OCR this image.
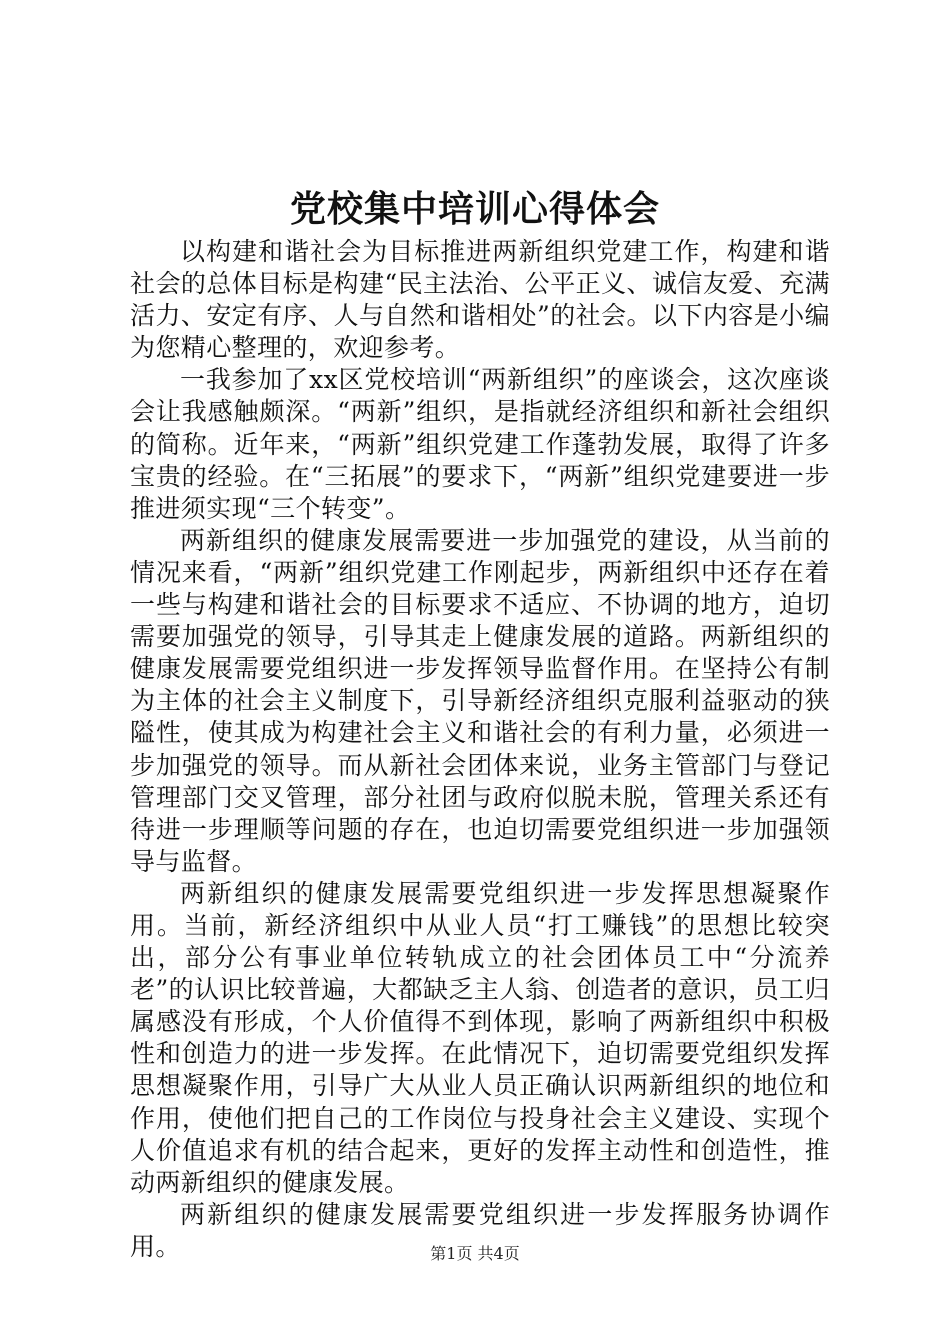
党校集中培训心得体会

以构建和谐社会为目标推进两新组织党建工作，构建和谐社会的总体目标是构建“民主法治、公平正义、诚信友爱、充满活力、安定有序、人与自然和谐相处”的社会。以下内容是小编为您精心整理的，欢迎参考。

一我参加了xx区党校培训“两新组织”的座谈会，这次座谈会让我感触颇深。“两新”组织，是指就经济组织和新社会组织的简称。近年来，“两新”组织党建工作蓬勃发展，取得了许多宝贵的经验。在“三拓展”的要求下，“两新”组织党建要进一步推进须实现“三个转变”。

两新组织的健康发展需要进一步加强党的建设，从当前的情况来看，“两新”组织党建工作刚起步，两新组织中还存在着一些与构建和谐社会的目标要求不适应、不协调的地方，迫切需要加强党的领导，引导其走上健康发展的道路。两新组织的健康发展需要党组织进一步发挥领导监督作用。在坚持公有制为主体的社会主义制度下，引导新经济组织克服利益驱动的狭隘性，使其成为构建社会主义和谐社会的有利力量，必须进一步加强党的领导。而从新社会团体来说，业务主管部门与登记管理部门交叉管理，部分社团与政府似脱未脱，管理关系还有待进一步理顺等问题的存在，也迫切需要党组织进一步加强领导与监督。

两新组织的健康发展需要党组织进一步发挥思想凝聚作用。当前，新经济组织中从业人员“打工赚钱”的思想比较突出，部分公有事业单位转轨成立的社会团体员工中“分流养老”的认识比较普遍，大都缺乏主人翁、创造者的意识，员工归属感没有形成，个人价值得不到体现，影响了两新组织中积极性和创造力的进一步发挥。在此情况下，迫切需要党组织发挥思想凝聚作用，引导广大从业人员正确认识两新组织的地位和作用，使他们把自己的工作岗位与投身社会主义建设、实现个人价值追求有机的结合起来，更好的发挥主动性和创造性，推动两新组织的健康发展。

两新组织的健康发展需要党组织进一步发挥服务协调作用。	第1页 共4页
